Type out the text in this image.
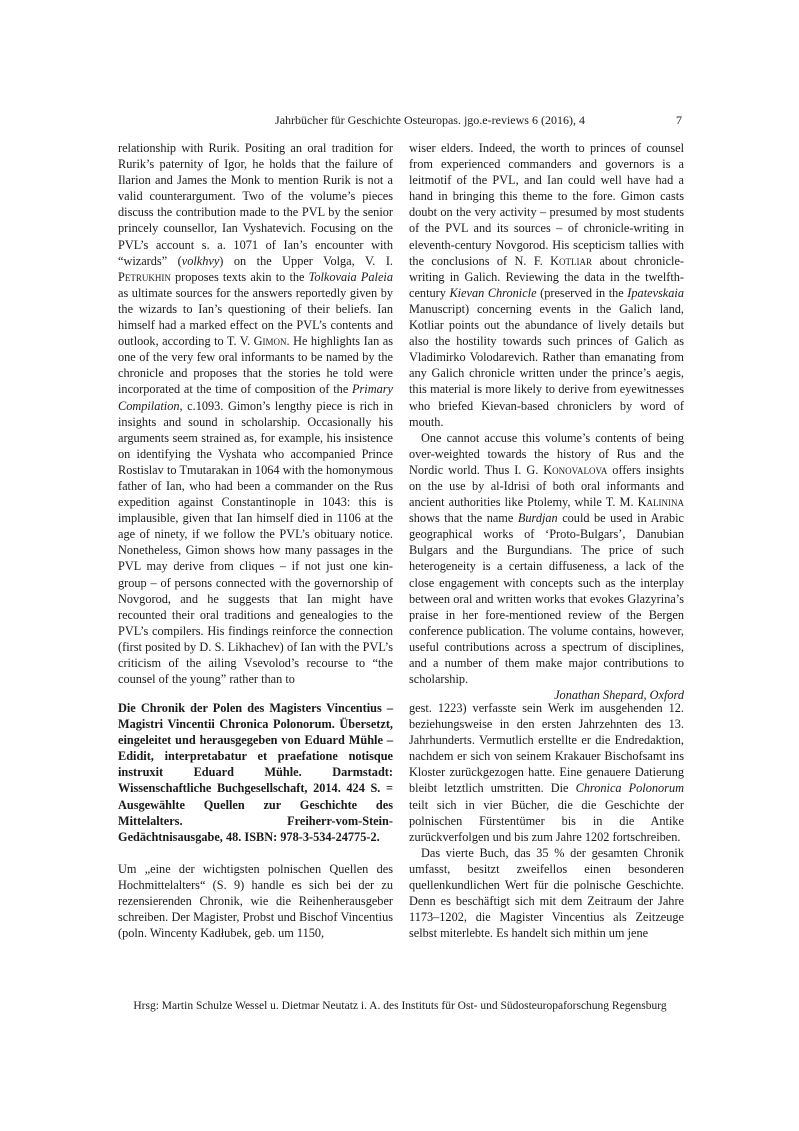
Jahrbücher für Geschichte Osteuropas. jgo.e-reviews 6 (2016), 4	7

relationship with Rurik. Positing an oral tradition for Rurik’s paternity of Igor, he holds that the failure of Ilarion and James the Monk to mention Rurik is not a valid counterargument. Two of the volume’s pieces discuss the contribution made to the PVL by the senior princely counsellor, Ian Vyshatevich. Focusing on the PVL’s account s. a. 1071 of Ian’s encounter with “wizards” (volkhvy) on the Upper Volga, V. I. Petrukhin proposes texts akin to the Tolkovaia Paleia as ultimate sources for the answers reportedly given by the wizards to Ian’s questioning of their beliefs. Ian himself had a marked effect on the PVL’s contents and outlook, according to T. V. Gimon. He highlights Ian as one of the very few oral informants to be named by the chronicle and proposes that the stories he told were incorporated at the time of composition of the Primary Compilation, c.1093. Gimon’s lengthy piece is rich in insights and sound in scholarship. Occasionally his arguments seem strained as, for example, his insistence on identifying the Vyshata who accompanied Prince Rostislav to Tmutarakan in 1064 with the homonymous father of Ian, who had been a commander on the Rus expedition against Constantinople in 1043: this is implausible, given that Ian himself died in 1106 at the age of ninety, if we follow the PVL’s obituary notice. Nonetheless, Gimon shows how many passages in the PVL may derive from cliques – if not just one kin-group – of persons connected with the governorship of Novgorod, and he suggests that Ian might have recounted their oral traditions and genealogies to the PVL’s compilers. His findings reinforce the connection (first posited by D. S. Likhachev) of Ian with the PVL’s criticism of the ailing Vsevolod’s recourse to “the counsel of the young” rather than to

wiser elders. Indeed, the worth to princes of counsel from experienced commanders and governors is a leitmotif of the PVL, and Ian could well have had a hand in bringing this theme to the fore. Gimon casts doubt on the very activity – presumed by most students of the PVL and its sources – of chronicle-writing in eleventh-century Novgorod. His scepticism tallies with the conclusions of N. F. Kotliar about chronicle-writing in Galich. Reviewing the data in the twelfth-century Kievan Chronicle (preserved in the Ipatevskaia Manuscript) concerning events in the Galich land, Kotliar points out the abundance of lively details but also the hostility towards such princes of Galich as Vladimirko Volodarevich. Rather than emanating from any Galich chronicle written under the prince’s aegis, this material is more likely to derive from eyewitnesses who briefed Kievan-based chroniclers by word of mouth.

One cannot accuse this volume’s contents of being over-weighted towards the history of Rus and the Nordic world. Thus I. G. Konovalova offers insights on the use by al-Idrisi of both oral informants and ancient authorities like Ptolemy, while T. M. Kalinina shows that the name Burdjan could be used in Arabic geographical works of ‘Proto-Bulgars’, Danubian Bulgars and the Burgundians. The price of such heterogeneity is a certain diffuseness, a lack of the close engagement with concepts such as the interplay between oral and written works that evokes Glazyrina’s praise in her fore-mentioned review of the Bergen conference publication. The volume contains, however, useful contributions across a spectrum of disciplines, and a number of them make major contributions to scholarship.

Jonathan Shepard, Oxford

Die Chronik der Polen des Magisters Vincentius – Magistri Vincentii Chronica Polonorum. Übersetzt, eingeleitet und herausgegeben von Eduard Mühle – Edidit, interpretabatur et praefatione notisque instruxit Eduard Mühle. Darmstadt: Wissenschaftliche Buchgesellschaft, 2014. 424 S. = Ausgewählte Quellen zur Geschichte des Mittelalters. Freiherr-vom-Stein-Gedächtnisausgabe, 48. ISBN: 978-3-534-24775-2.

Um „eine der wichtigsten polnischen Quellen des Hochmittelalters“ (S. 9) handle es sich bei der zu rezensierenden Chronik, wie die Reihenherausgeber schreiben. Der Magister, Probst und Bischof Vincentius (poln. Wincenty Kadłubek, geb. um 1150,

gest. 1223) verfasste sein Werk im ausgehenden 12. beziehungsweise in den ersten Jahrzehnten des 13. Jahrhunderts. Vermutlich erstellte er die Endredaktion, nachdem er sich von seinem Krakauer Bischofsamt ins Kloster zurückgezogen hatte. Eine genauere Datierung bleibt letztlich umstritten. Die Chronica Polonorum teilt sich in vier Bücher, die die Geschichte der polnischen Fürstentümer bis in die Antike zurückverfolgen und bis zum Jahre 1202 fortschreiben.

Das vierte Buch, das 35 % der gesamten Chronik umfasst, besitzt zweifellos einen besonderen quellenkundlichen Wert für die polnische Geschichte. Denn es beschäftigt sich mit dem Zeitraum der Jahre 1173–1202, die Magister Vincentius als Zeitzeuge selbst miterlebte. Es handelt sich mithin um jene

Hrsg: Martin Schulze Wessel u. Dietmar Neutatz i. A. des Instituts für Ost- und Südosteuropaforschung Regensburg
